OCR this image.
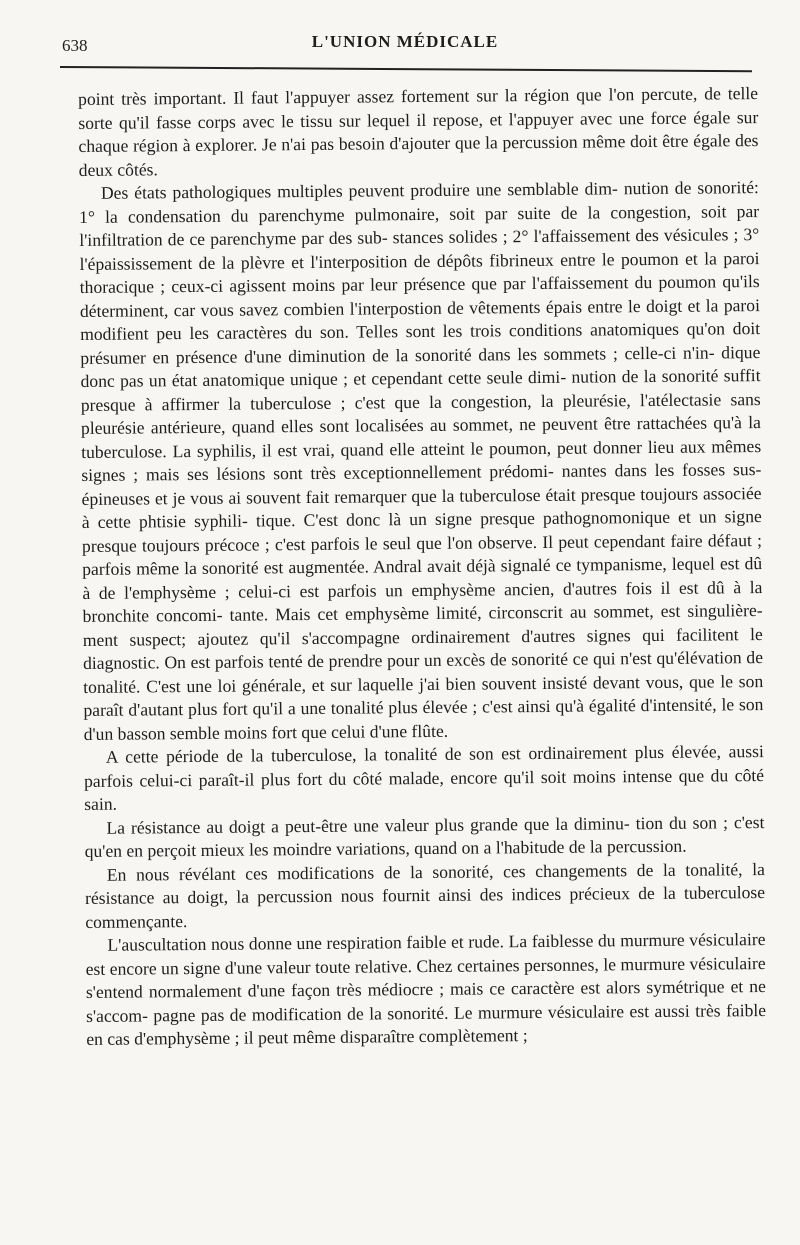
638	L'UNION MÉDICALE

point très important. Il faut l'appuyer assez fortement sur la région que l'on percute, de telle sorte qu'il fasse corps avec le tissu sur lequel il repose, et l'appuyer avec une force égale sur chaque région à explorer. Je n'ai pas besoin d'ajouter que la percussion même doit être égale des deux côtés.

Des états pathologiques multiples peuvent produire une semblable dim- nution de sonorité: 1° la condensation du parenchyme pulmonaire, soit par suite de la congestion, soit par l'infiltration de ce parenchyme par des sub- stances solides ; 2° l'affaissement des vésicules ; 3° l'épaississement de la plèvre et l'interposition de dépôts fibrineux entre le poumon et la paroi thoracique ; ceux-ci agissent moins par leur présence que par l'affaissement du poumon qu'ils déterminent, car vous savez combien l'interpostion de vêtements épais entre le doigt et la paroi modifient peu les caractères du son. Telles sont les trois conditions anatomiques qu'on doit présumer en présence d'une diminution de la sonorité dans les sommets ; celle-ci n'in- dique donc pas un état anatomique unique ; et cependant cette seule dimi- nution de la sonorité suffit presque à affirmer la tuberculose ; c'est que la congestion, la pleurésie, l'atélectasie sans pleurésie antérieure, quand elles sont localisées au sommet, ne peuvent être rattachées qu'à la tuberculose. La syphilis, il est vrai, quand elle atteint le poumon, peut donner lieu aux mêmes signes ; mais ses lésions sont très exceptionnellement prédomi- nantes dans les fosses sus-épineuses et je vous ai souvent fait remarquer que la tuberculose était presque toujours associée à cette phtisie syphili- tique. C'est donc là un signe presque pathognomonique et un signe presque toujours précoce ; c'est parfois le seul que l'on observe. Il peut cependant faire défaut ; parfois même la sonorité est augmentée. Andral avait déjà signalé ce tympanisme, lequel est dû à de l'emphysème ; celui-ci est parfois un emphysème ancien, d'autres fois il est dû à la bronchite concomi- tante. Mais cet emphysème limité, circonscrit au sommet, est singulière- ment suspect; ajoutez qu'il s'accompagne ordinairement d'autres signes qui facilitent le diagnostic. On est parfois tenté de prendre pour un excès de sonorité ce qui n'est qu'élévation de tonalité. C'est une loi générale, et sur laquelle j'ai bien souvent insisté devant vous, que le son paraît d'autant plus fort qu'il a une tonalité plus élevée ; c'est ainsi qu'à égalité d'intensité, le son d'un basson semble moins fort que celui d'une flûte.

A cette période de la tuberculose, la tonalité de son est ordinairement plus élevée, aussi parfois celui-ci paraît-il plus fort du côté malade, encore qu'il soit moins intense que du côté sain.

La résistance au doigt a peut-être une valeur plus grande que la diminu- tion du son ; c'est qu'en en perçoit mieux les moindre variations, quand on a l'habitude de la percussion.

En nous révélant ces modifications de la sonorité, ces changements de la tonalité, la résistance au doigt, la percussion nous fournit ainsi des indices précieux de la tuberculose commençante.

L'auscultation nous donne une respiration faible et rude. La faiblesse du murmure vésiculaire est encore un signe d'une valeur toute relative. Chez certaines personnes, le murmure vésiculaire s'entend normalement d'une façon très médiocre ; mais ce caractère est alors symétrique et ne s'accom- pagne pas de modification de la sonorité. Le murmure vésiculaire est aussi très faible en cas d'emphysème ; il peut même disparaître complètement ;
